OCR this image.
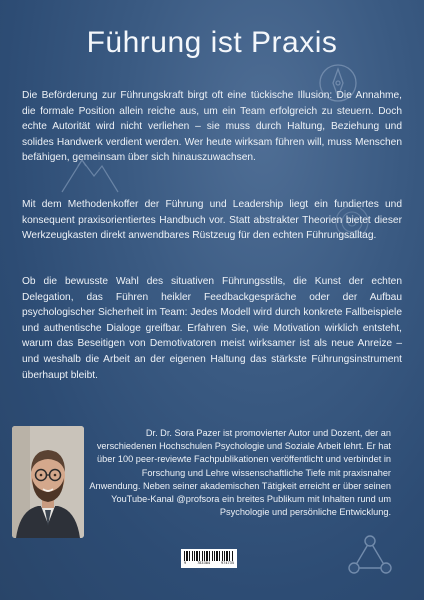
Führung ist Praxis

Die Beförderung zur Führungskraft birgt oft eine tückische Illusion: Die Annahme, die formale Position allein reiche aus, um ein Team erfolgreich zu steuern. Doch echte Autorität wird nicht verliehen – sie muss durch Haltung, Beziehung und solides Handwerk verdient werden. Wer heute wirksam führen will, muss Menschen befähigen, gemeinsam über sich hinauszuwachsen.

Mit dem Methodenkoffer der Führung und Leadership liegt ein fundiertes und konsequent praxisorientiertes Handbuch vor. Statt abstrakter Theorien bietet dieser Werkzeugkasten direkt anwendbares Rüstzeug für den echten Führungsalltag.

Ob die bewusste Wahl des situativen Führungsstils, die Kunst der echten Delegation, das Führen heikler Feedbackgespräche oder der Aufbau psychologischer Sicherheit im Team: Jedes Modell wird durch konkrete Fallbeispiele und authentische Dialoge greifbar. Erfahren Sie, wie Motivation wirklich entsteht, warum das Beseitigen von Demotivatoren meist wirksamer ist als neue Anreize – und weshalb die Arbeit an der eigenen Haltung das stärkste Führungsinstrument überhaupt bleibt.

Dr. Dr. Sora Pazer ist promovierter Autor und Dozent, der an verschiedenen Hochschulen Psychologie und Soziale Arbeit lehrt. Er hat über 100 peer-reviewte Fachpublikationen veröffentlicht und verbindet in Forschung und Lehre wissenschaftliche Tiefe mit praxisnaher Anwendung. Neben seiner akademischen Tätigkeit erreicht er über seinen YouTube-Kanal @profsora ein breites Publikum mit Inhalten rund um Psychologie und persönliche Entwicklung.

9	783384	974735
